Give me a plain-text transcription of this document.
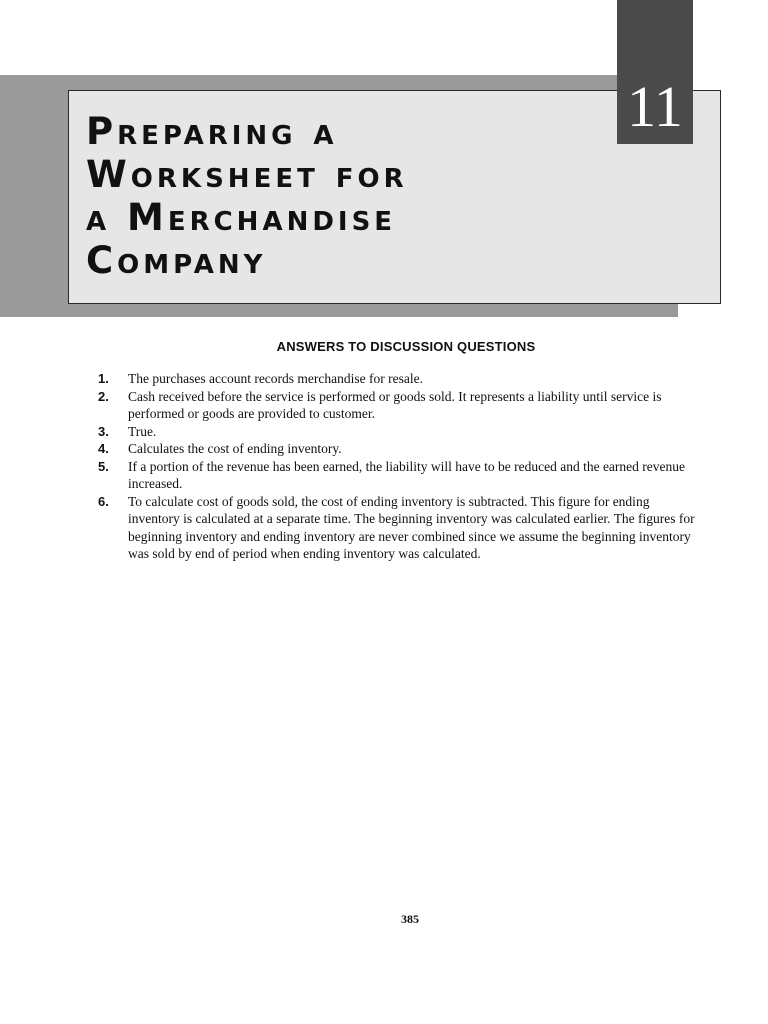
11
Preparing a
Worksheet for
a Merchandise
Company
ANSWERS TO DISCUSSION QUESTIONS
1.	The purchases account records merchandise for resale.
2.	Cash received before the service is performed or goods sold. It represents a liability until service is performed or goods are provided to customer.
3.	True.
4.	Calculates the cost of ending inventory.
5.	If a portion of the revenue has been earned, the liability will have to be reduced and the earned revenue increased.
6.	To calculate cost of goods sold, the cost of ending inventory is subtracted. This figure for ending inventory is calculated at a separate time. The beginning inventory was calculated earlier. The figures for beginning inventory and ending inventory are never combined since we assume the beginning inventory was sold by end of period when ending inventory was calculated.
385
